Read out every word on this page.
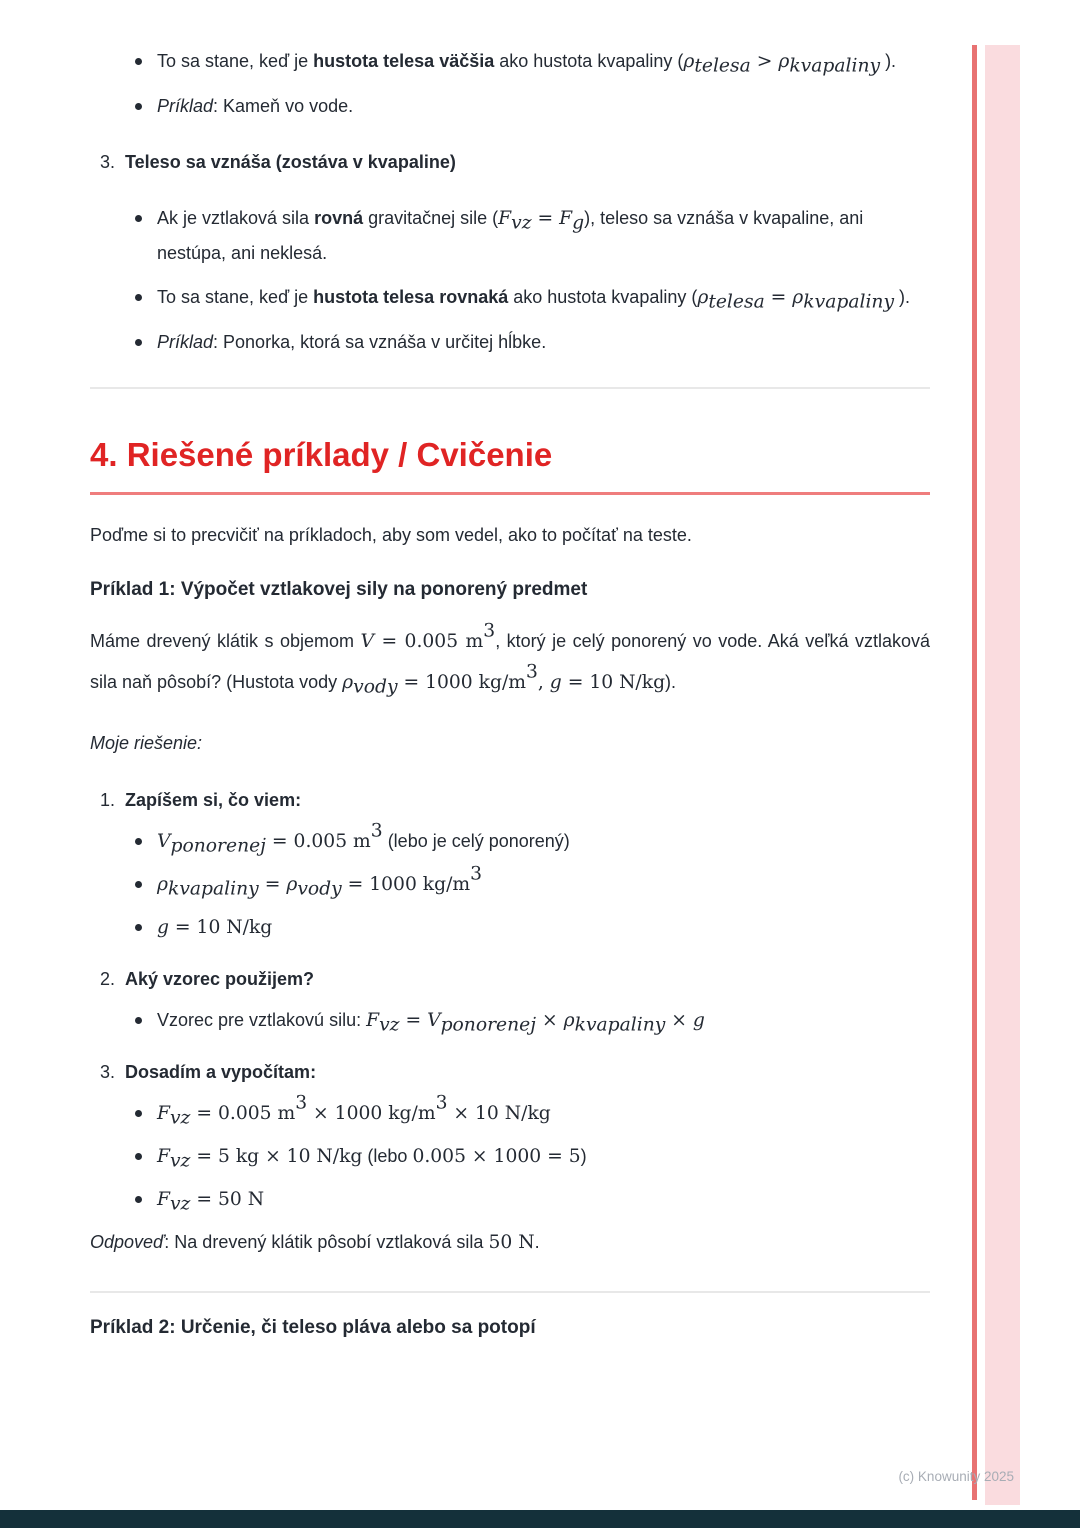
To sa stane, keď je hustota telesa väčšia ako hustota kvapaliny ($\rho_{telesa} > \rho_{kvapaliny}$ ).
Príklad: Kameň vo vode.
3. Teleso sa vznáša (zostáva v kvapaline)
Ak je vztlaková sila rovná gravitačnej sile $(F_{vz} = F_g)$, teleso sa vznáša v kvapaline, ani nestúpa, ani neklesá.
To sa stane, keď je hustota telesa rovnaká ako hustota kvapaliny ($\rho_{telesa} = \rho_{kvapaliny}$ ).
Príklad: Ponorka, ktorá sa vznáša v určitej hĺbke.
4. Riešené príklady / Cvičenie

Poďme si to precvičiť na príkladoch, aby som vedel, ako to počítať na teste.

Príklad 1: Výpočet vztlakovej sily na ponorený predmet

Máme drevený klátik s objemom V = 0.005 $m^3$, ktorý je celý ponorený vo vode. Aká veľká vztlaková sila naň pôsobí? (Hustota vody $\rho_{vody} = 1000$ $kg/m^3$, g = 10 N/kg).

Moje riešenie:

1. Zapíšem si, čo viem:
$V_{ponorenej} = 0.005$ $m^3$ (lebo je celý ponorený)
$\rho_{kvapaliny} = \rho_{vody} = 1000$ $kg/m^3$
g = 10 N/kg
2. Aký vzorec použijem?
Vzorec pre vztlakovú silu: $F_{vz} = V_{ponorenej} \times \rho_{kvapaliny} \times g$
3. Dosadím a vypočítam:
$F_{vz} = 0.005$ $m^3 \times 1000$ $kg/m^3 \times 10$ N/kg
$F_{vz} = 5$ kg × 10 N/kg (lebo 0.005 × 1000 = 5)
$F_{vz} = 50$ N

Odpoveď: Na drevený klátik pôsobí vztlaková sila 50 N.

Príklad 2: Určenie, či teleso pláva alebo sa potopí
(c) Knowunity 2025
